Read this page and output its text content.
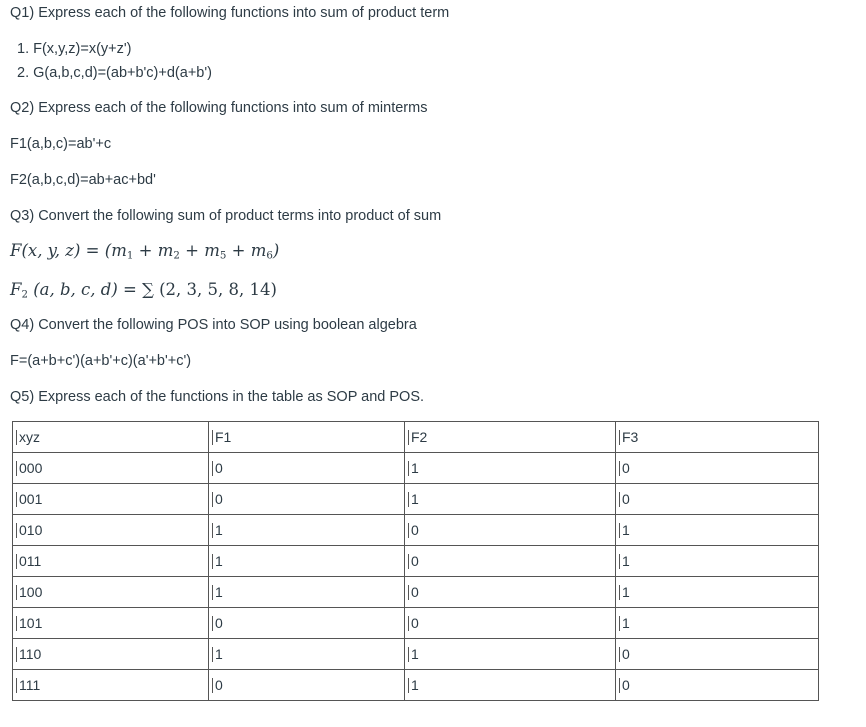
Q1) Express each of the following functions into sum of product term
1. F(x,y,z)=x(y+z')
2. G(a,b,c,d)=(ab+b'c)+d(a+b')
Q2) Express each of the following functions into sum of minterms
F1(a,b,c)=ab'+c
F2(a,b,c,d)=ab+ac+bd'
Q3) Convert the following sum of product terms into product of sum
F(x, y, $z) = (m_1 + m_2 + m_5 + m_6)$
$F_2$ (a, b, c, d) = ∑ (2, 3, 5, 8, 14)
Q4) Convert the following POS into SOP using boolean algebra
F=(a+b+c')(a+b'+c)(a'+b'+c')
Q5) Express each of the functions in the table as SOP and POS.
xyz	F1	F2	F3
000	0	1	0
001	0	1	0
010	1	0	1
011	1	0	1
100	1	0	1
101	0	0	1
110	1	1	0
111	0	1	0
